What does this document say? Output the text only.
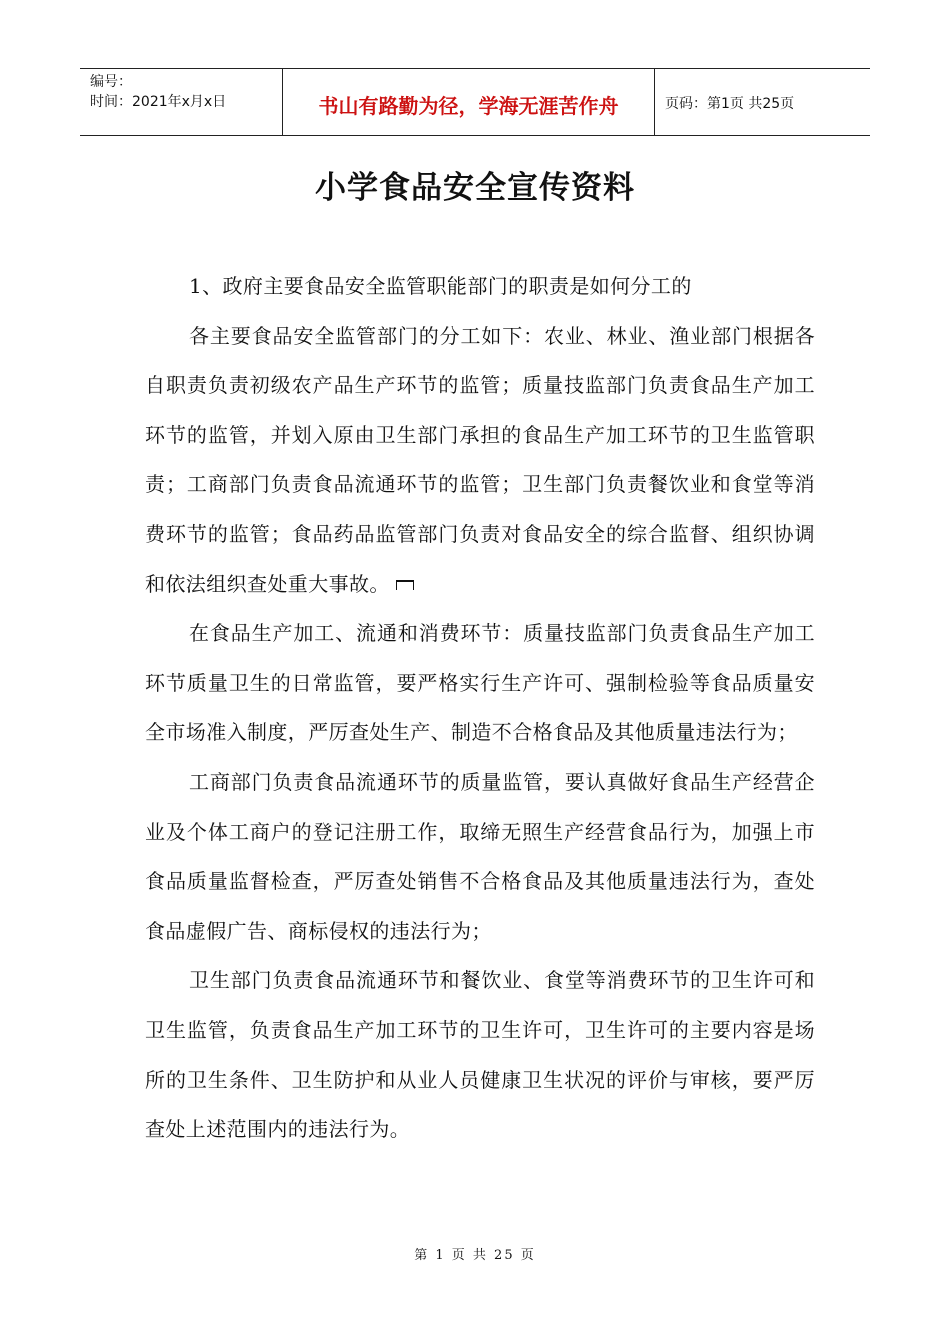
编号：
时间：2021年x月x日	书山有路勤为径，学海无涯苦作舟	页码：第1页 共25页
小学食品安全宣传资料

1、政府主要食品安全监管职能部门的职责是如何分工的

各主要食品安全监管部门的分工如下：农业、林业、渔业部门根据各自职责负责初级农产品生产环节的监管；质量技监部门负责食品生产加工环节的监管，并划入原由卫生部门承担的食品生产加工环节的卫生监管职责；工商部门负责食品流通环节的监管；卫生部门负责餐饮业和食堂等消费环节的监管；食品药品监管部门负责对食品安全的综合监督、组织协调和依法组织查处重大事故。

在食品生产加工、流通和消费环节：质量技监部门负责食品生产加工环节质量卫生的日常监管，要严格实行生产许可、强制检验等食品质量安全市场准入制度，严厉查处生产、制造不合格食品及其他质量违法行为；

工商部门负责食品流通环节的质量监管，要认真做好食品生产经营企业及个体工商户的登记注册工作，取缔无照生产经营食品行为，加强上市食品质量监督检查，严厉查处销售不合格食品及其他质量违法行为，查处食品虚假广告、商标侵权的违法行为；

卫生部门负责食品流通环节和餐饮业、食堂等消费环节的卫生许可和卫生监管，负责食品生产加工环节的卫生许可，卫生许可的主要内容是场所的卫生条件、卫生防护和从业人员健康卫生状况的评价与审核，要严厉查处上述范围内的违法行为。

第 1 页 共 25 页
